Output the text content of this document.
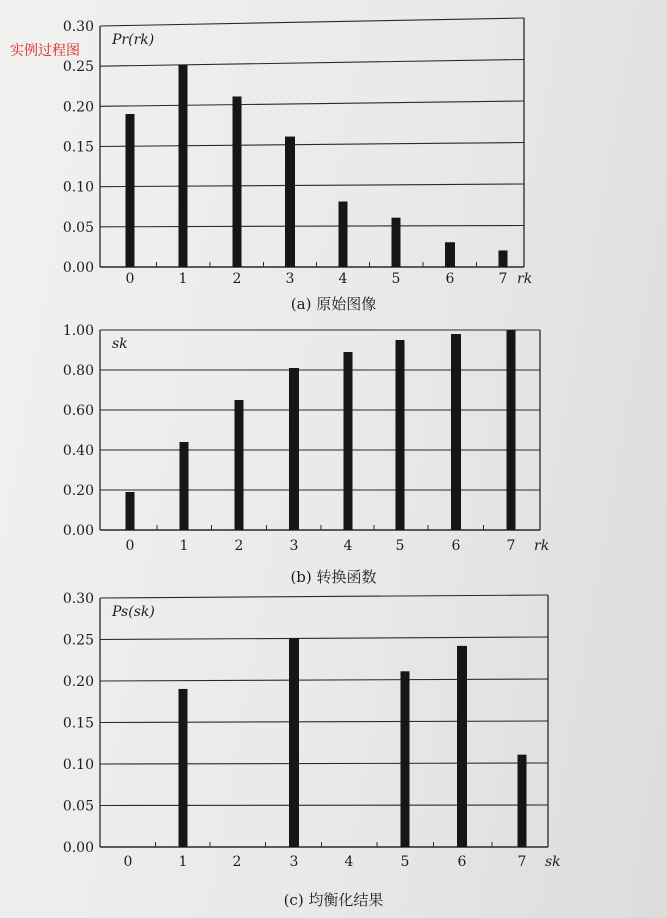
实例过程图
0.00
0.05
0.10
0.15
0.20
0.25
0.30
0	1	2	3	4	5	6	7
Pr(rk)
rk
(a) 原始图像
0.00
0.20
0.40
0.60
0.80
1.00
0	1	2	3	4	5	6	7
sk
rk
(b) 转换函数
0.00
0.05
0.10
0.15
0.20
0.25
0.30
0	1	2	3	4	5	6	7
Ps(sk)
sk
(c) 均衡化结果
